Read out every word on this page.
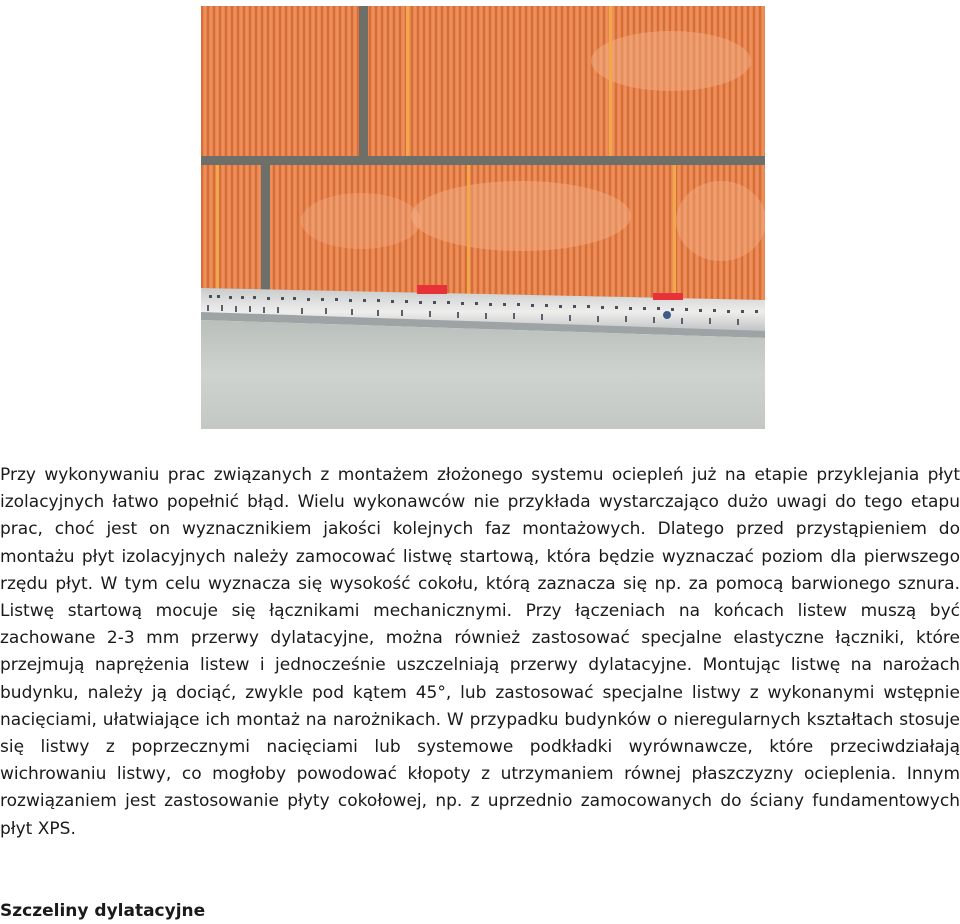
Przy wykonywaniu prac związanych z montażem złożonego systemu ociepleń już na etapie przyklejania płyt izolacyjnych łatwo popełnić błąd. Wielu wykonawców nie przykłada wystarczająco dużo uwagi do tego etapu prac, choć jest on wyznacznikiem jakości kolejnych faz montażowych. Dlatego przed przystąpieniem do montażu płyt izolacyjnych należy zamocować listwę startową, która będzie wyznaczać poziom dla pierwszego rzędu płyt. W tym celu wyznacza się wysokość cokołu, którą zaznacza się np. za pomocą barwionego sznura. Listwę startową mocuje się łącznikami mechanicznymi. Przy łączeniach na końcach listew muszą być zachowane 2-3 mm przerwy dylatacyjne, można również zastosować specjalne elastyczne łączniki, które przejmują naprężenia listew i jednocześnie uszczelniają przerwy dylatacyjne. Montując listwę na narożach budynku, należy ją dociąć, zwykle pod kątem 45°, lub zastosować specjalne listwy z wykonanymi wstępnie nacięciami, ułatwiające ich montaż na narożnikach. W przypadku budynków o nieregularnych kształtach stosuje się listwy z poprzecznymi nacięciami lub systemowe podkładki wyrównawcze, które przeciwdziałają wichrowaniu listwy, co mogłoby powodować kłopoty z utrzymaniem równej płaszczyzny ocieplenia. Innym rozwiązaniem jest zastosowanie płyty cokołowej, np. z uprzednio zamocowanych do ściany fundamentowych płyt XPS.

Szczeliny dylatacyjne
